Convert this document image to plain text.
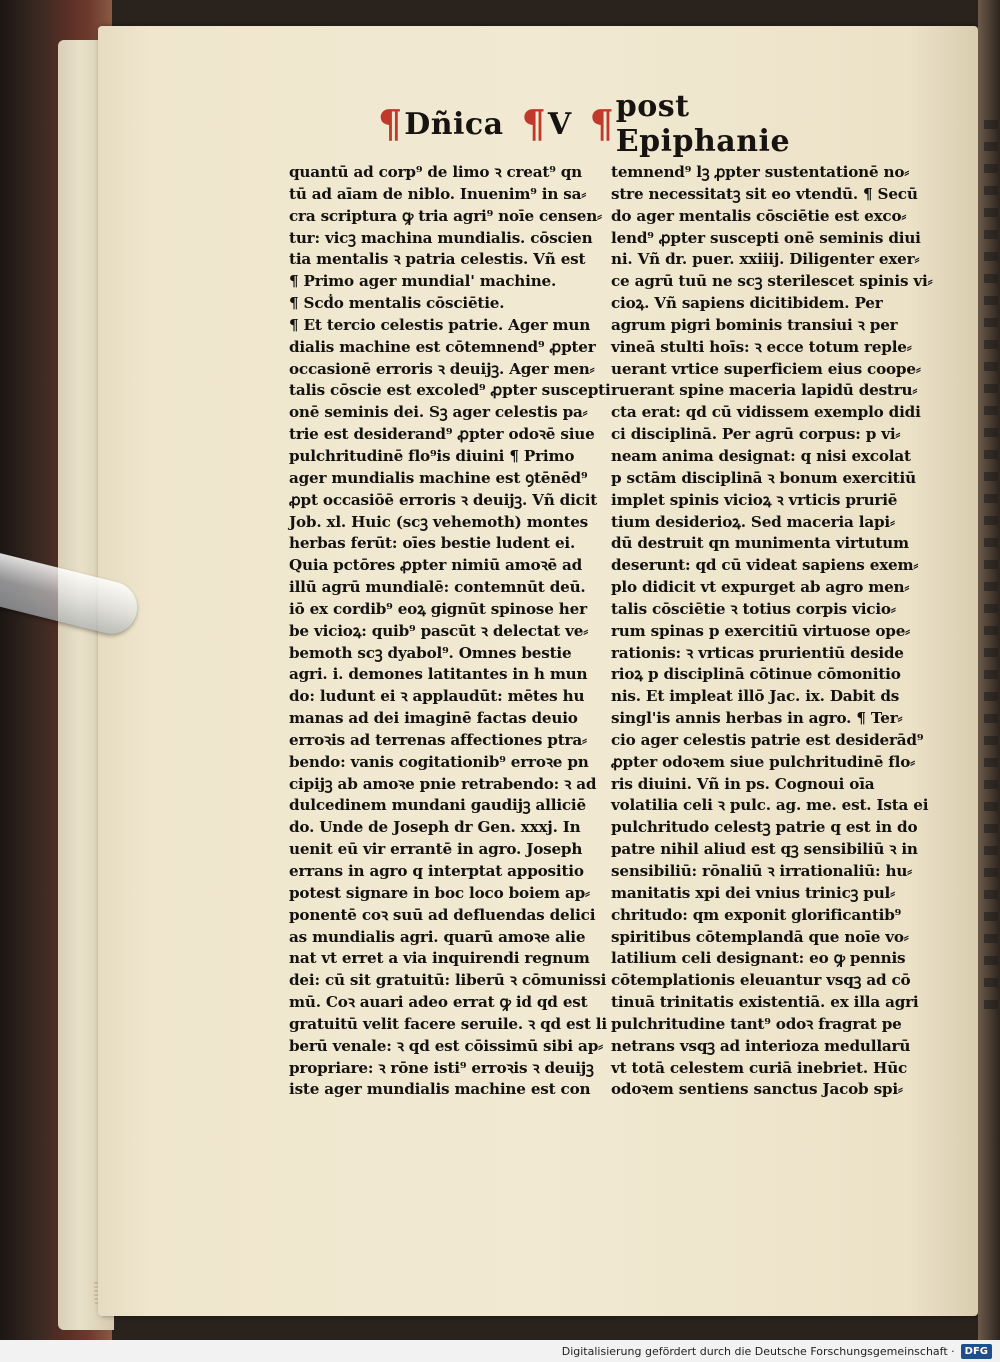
¶ Dñica ¶ V ¶ post Epiphanie
quantū ad corp⁹ de limo ꝛ creat⁹ qn
tū ad aīam de niblo. Inuenim⁹ in sa⸗
cra scriptura ꝙ tria agri⁹ noīe censen⸗
tur: vicꝫ machina mundialis. cōscien
tia mentalis ꝛ patria celestis. Vñ est
¶ Primo ager mundial' machine.
¶ Scḋo mentalis cōsciētie.
¶ Et tercio celestis patrie. Ager mun
dialis machine est cōtemnend⁹ ꝓpter
occasionē erroris ꝛ deuijꝫ. Ager men⸗
talis cōscie est excoled⁹ ꝓpter suscepti
onē seminis dei. Sꝫ ager celestis pa⸗
trie est desiderand⁹ ꝓpter odoꝛē siue
pulchritudinē flo⁹is diuini ¶ Primo
ager mundialis machine est ꝯtēnēd⁹
ꝓpt occasiōē erroris ꝛ deuijꝫ. Vñ dicit
Job. xl. Huic (scꝫ vehemoth) montes
herbas ferūt: oīes bestie ludent ei.
Quia pctōres ꝓpter nimiū amoꝛē ad
illū agrū mundialē: contemnūt deū.
iō ex cordib⁹ eoꝝ gignūt spinose her
be vicioꝝ: quib⁹ pascūt ꝛ delectat ve⸗
bemoth scꝫ dyabol⁹. Omnes bestie
agri. i. demones latitantes in h mun
do: ludunt ei ꝛ applaudūt: mētes hu
manas ad dei imaginē factas deuio
erroꝛis ad terrenas affectiones ptra⸗
bendo: vanis cogitationib⁹ erroꝛe pn
cipijꝫ ab amoꝛe pnie retrabendo: ꝛ ad
dulcedinem mundani gaudijꝫ alliciē
do. Unde de Joseph dr Gen. xxxj. In
uenit eū vir errantē in agro. Joseph
errans in agro q interptat appositio
potest signare in boc loco boiem ap⸗
ponentē coꝛ suū ad defluendas delici
as mundialis agri. quarū amoꝛe alie
nat vt erret a via inquirendi regnum
dei: cū sit gratuitū: liberū ꝛ cōmunissi
mū. Coꝛ auari adeo errat ꝙ id qd est
gratuitū velit facere seruile. ꝛ qd est li
berū venale: ꝛ qd est cōissimū sibi ap⸗
propriare: ꝛ rōne isti⁹ erroꝛis ꝛ deuijꝫ
iste ager mundialis machine est con
temnend⁹ lꝫ ꝓpter sustentationē no⸗
stre necessitatꝫ sit eo vtendū. ¶ Secū
do ager mentalis cōsciētie est exco⸗
lend⁹ ꝓpter suscepti onē seminis diui
ni. Vñ dr. puer. xxiiij. Diligenter exer⸗
ce agrū tuū ne scꝫ sterilescet spinis vi⸗
cioꝝ. Vñ sapiens dicitibidem. Per
agrum pigri bominis transiui ꝛ per
vineā stulti hoīs: ꝛ ecce totum reple⸗
uerant vrtice superficiem eius coope⸗
ruerant spine maceria lapidū destru⸗
cta erat: qd cū vidissem exemplo didi
ci disciplinā. Per agrū corpus: p vi⸗
neam anima designat: q nisi excolat
p sctām disciplinā ꝛ bonum exercitiū
implet spinis vicioꝝ ꝛ vrticis pruriē
tium desiderioꝝ. Sed maceria lapi⸗
dū destruit qn munimenta virtutum
deserunt: qd cū videat sapiens exem⸗
plo didicit vt expurget ab agro men⸗
talis cōsciētie ꝛ totius corpis vicio⸗
rum spinas p exercitiū virtuose ope⸗
rationis: ꝛ vrticas prurientiū deside
rioꝝ p disciplinā cōtinue cōmonitio
nis. Et impleat illō Jac. ix. Dabit ds
singl'is annis herbas in agro. ¶ Ter⸗
cio ager celestis patrie est desiderād⁹
ꝓpter odoꝛem siue pulchritudinē flo⸗
ris diuini. Vñ in ps. Cognoui oīa
volatilia celi ꝛ pulc. ag. me. est. Ista ei
pulchritudo celestꝫ patrie q est in do
patre nihil aliud est qꝫ sensibiliū ꝛ in
sensibiliū: rōnaliū ꝛ irrationaliū: hu⸗
manitatis xpi dei vnius trinicꝫ pul⸗
chritudo: qm exponit glorificantib⁹
spiritibus cōtemplandā que noīe vo⸗
latilium celi designant: eo ꝙ pennis
cōtemplationis eleuantur vsqꝫ ad cō
tinuā trinitatis existentiā. ex illa agri
pulchritudine tant⁹ odoꝛ fragrat pe
netrans vsqꝫ ad interioza medullarū
vt totā celestem curiā inebriet. Hūc
odoꝛem sentiens sanctus Jacob spi⸗
Digitalisierung gefördert durch die Deutsche Forschungsgemeinschaft ·	DFG
